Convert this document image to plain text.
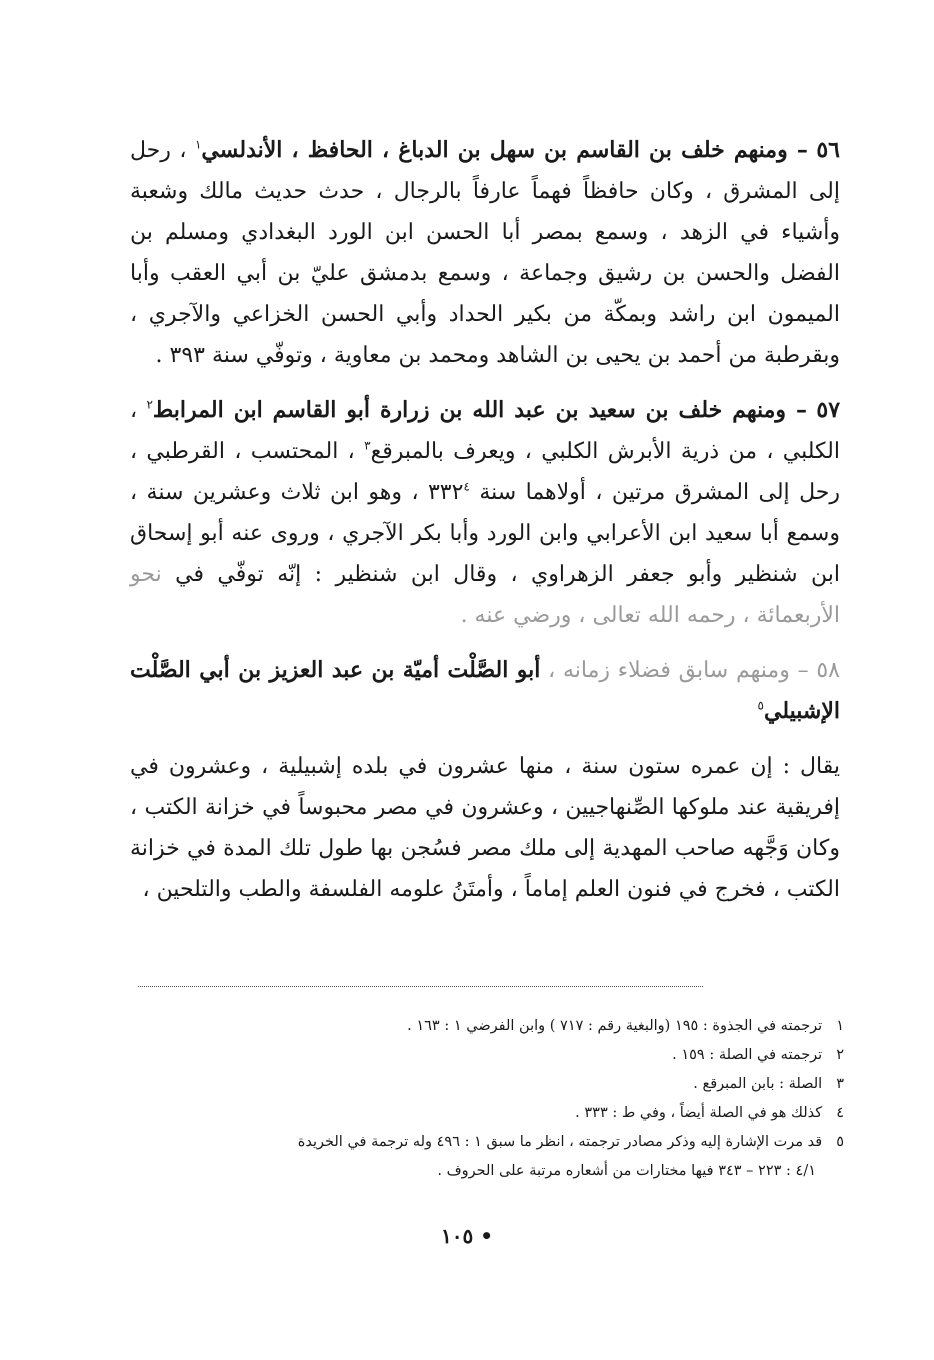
٥٦ – ومنهم خلف بن القاسم بن سهل بن الدباغ ، الحافظ ، الأندلسي$^١$ ، رحل إلى المشرق ، وكان حافظاً فهماً عارفاً بالرجال ، حدث حديث مالك وشعبة وأشياء في الزهد ، وسمع بمصر أبا الحسن ابن الورد البغدادي ومسلم بن الفضل والحسن بن رشيق وجماعة ، وسمع بدمشق عليّ بن أبي العقب وأبا الميمون ابن راشد وبمكّة من بكير الحداد وأبي الحسن الخزاعي والآجري ، وبقرطبة من أحمد بن يحيى بن الشاهد ومحمد بن معاوية ، وتوفّي سنة ٣٩٣ .

٥٧ – ومنهم خلف بن سعيد بن عبد الله بن زرارة أبو القاسم ابن المرابط$^٢$ ، الكلبي ، من ذرية الأبرش الكلبي ، ويعرف بالمبرقع$^٣$ ، المحتسب ، القرطبي ، رحل إلى المشرق مرتين ، أولاهما سنة $٣٣٢^٤$ ، وهو ابن ثلاث وعشرين سنة ، وسمع أبا سعيد ابن الأعرابي وابن الورد وأبا بكر الآجري ، وروى عنه أبو إسحاق ابن شنظير وأبو جعفر الزهراوي ، وقال ابن شنظير : إنّه توفّي في نحو الأربعمائة ، رحمه الله تعالى ، ورضي عنه .

٥٨ – ومنهم سابق فضلاء زمانه ، أبو الصَّلْت أميّة بن عبد العزيز بن أبي الصَّلْت الإشبيلي$^٥$

يقال : إن عمره ستون سنة ، منها عشرون في بلده إشبيلية ، وعشرون في إفريقية عند ملوكها الصِّنهاجيين ، وعشرون في مصر محبوساً في خزانة الكتب ، وكان وَجَّهه صاحب المهدية إلى ملك مصر فسُجن بها طول تلك المدة في خزانة الكتب ، فخرج في فنون العلم إماماً ، وأمتَنُ علومه الفلسفة والطب والتلحين ،

١ترجمته في الجذوة : ١٩٥ (والبغية رقم : ٧١٧ ) وابن الفرضي ١ : ١٦٣ .
٢ترجمته في الصلة : ١٥٩ .
٣الصلة : بابن المبرقع .
٤كذلك هو في الصلة أيضاً ، وفي ط : ٣٣٣ .
٥قد مرت الإشارة إليه وذكر مصادر ترجمته ، انظر ما سبق ١ : ٤٩٦ وله ترجمة في الخريدة
٤/١ : ٢٢٣ – ٣٤٣ فيها مختارات من أشعاره مرتبة على الحروف .
• ١٠٥
